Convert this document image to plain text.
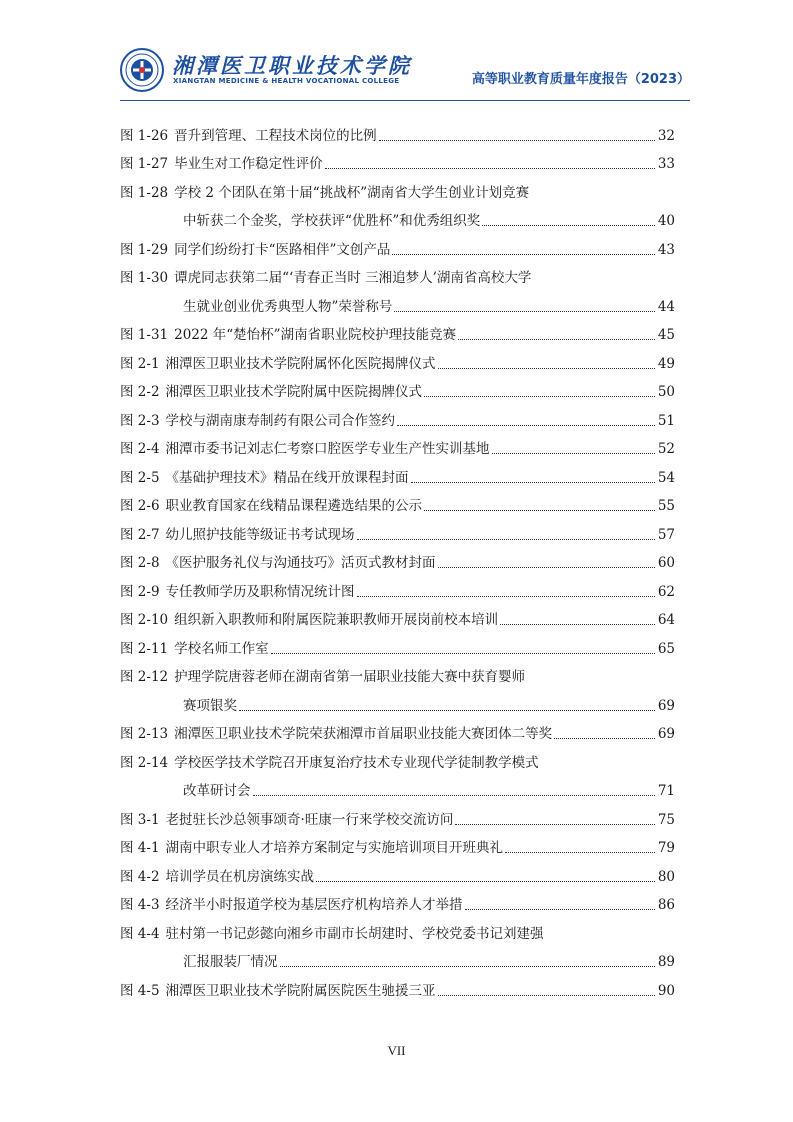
湘潭医卫职业技术学院
XIANGTAN MEDICINE & HEALTH VOCATIONAL COLLEGE	高等职业教育质量年度报告（2023）
图 1-26 晋升到管理、工程技术岗位的比例	32
图 1-27 毕业生对工作稳定性评价	33
图 1-28 学校 2 个团队在第十届“挑战杯”湖南省大学生创业计划竞赛
中斩获二个金奖，学校获评“优胜杯”和优秀组织奖	40
图 1-29 同学们纷纷打卡“医路相伴”文创产品	43
图 1-30 谭虎同志获第二届“‘青春正当时 三湘追梦人’湖南省高校大学
生就业创业优秀典型人物”荣誉称号	44
图 1-31 2022 年“楚怡杯”湖南省职业院校护理技能竞赛	45
图 2-1 湘潭医卫职业技术学院附属怀化医院揭牌仪式	49
图 2-2 湘潭医卫职业技术学院附属中医院揭牌仪式	50
图 2-3 学校与湖南康寿制药有限公司合作签约	51
图 2-4 湘潭市委书记刘志仁考察口腔医学专业生产性实训基地	52
图 2-5 《基础护理技术》精品在线开放课程封面	54
图 2-6 职业教育国家在线精品课程遴选结果的公示	55
图 2-7 幼儿照护技能等级证书考试现场	57
图 2-8 《医护服务礼仪与沟通技巧》活页式教材封面	60
图 2-9 专任教师学历及职称情况统计图	62
图 2-10 组织新入职教师和附属医院兼职教师开展岗前校本培训	64
图 2-11 学校名师工作室	65
图 2-12 护理学院唐蓉老师在湖南省第一届职业技能大赛中获育婴师
赛项银奖	69
图 2-13 湘潭医卫职业技术学院荣获湘潭市首届职业技能大赛团体二等奖	69
图 2-14 学校医学技术学院召开康复治疗技术专业现代学徒制教学模式
改革研讨会	71
图 3-1 老挝驻长沙总领事颂奇·旺康一行来学校交流访问	75
图 4-1 湖南中职专业人才培养方案制定与实施培训项目开班典礼	79
图 4-2 培训学员在机房演练实战	80
图 4-3 经济半小时报道学校为基层医疗机构培养人才举措	86
图 4-4 驻村第一书记彭懿向湘乡市副市长胡建时、学校党委书记刘建强
汇报服装厂情况	89
图 4-5 湘潭医卫职业技术学院附属医院医生驰援三亚	90
VII
